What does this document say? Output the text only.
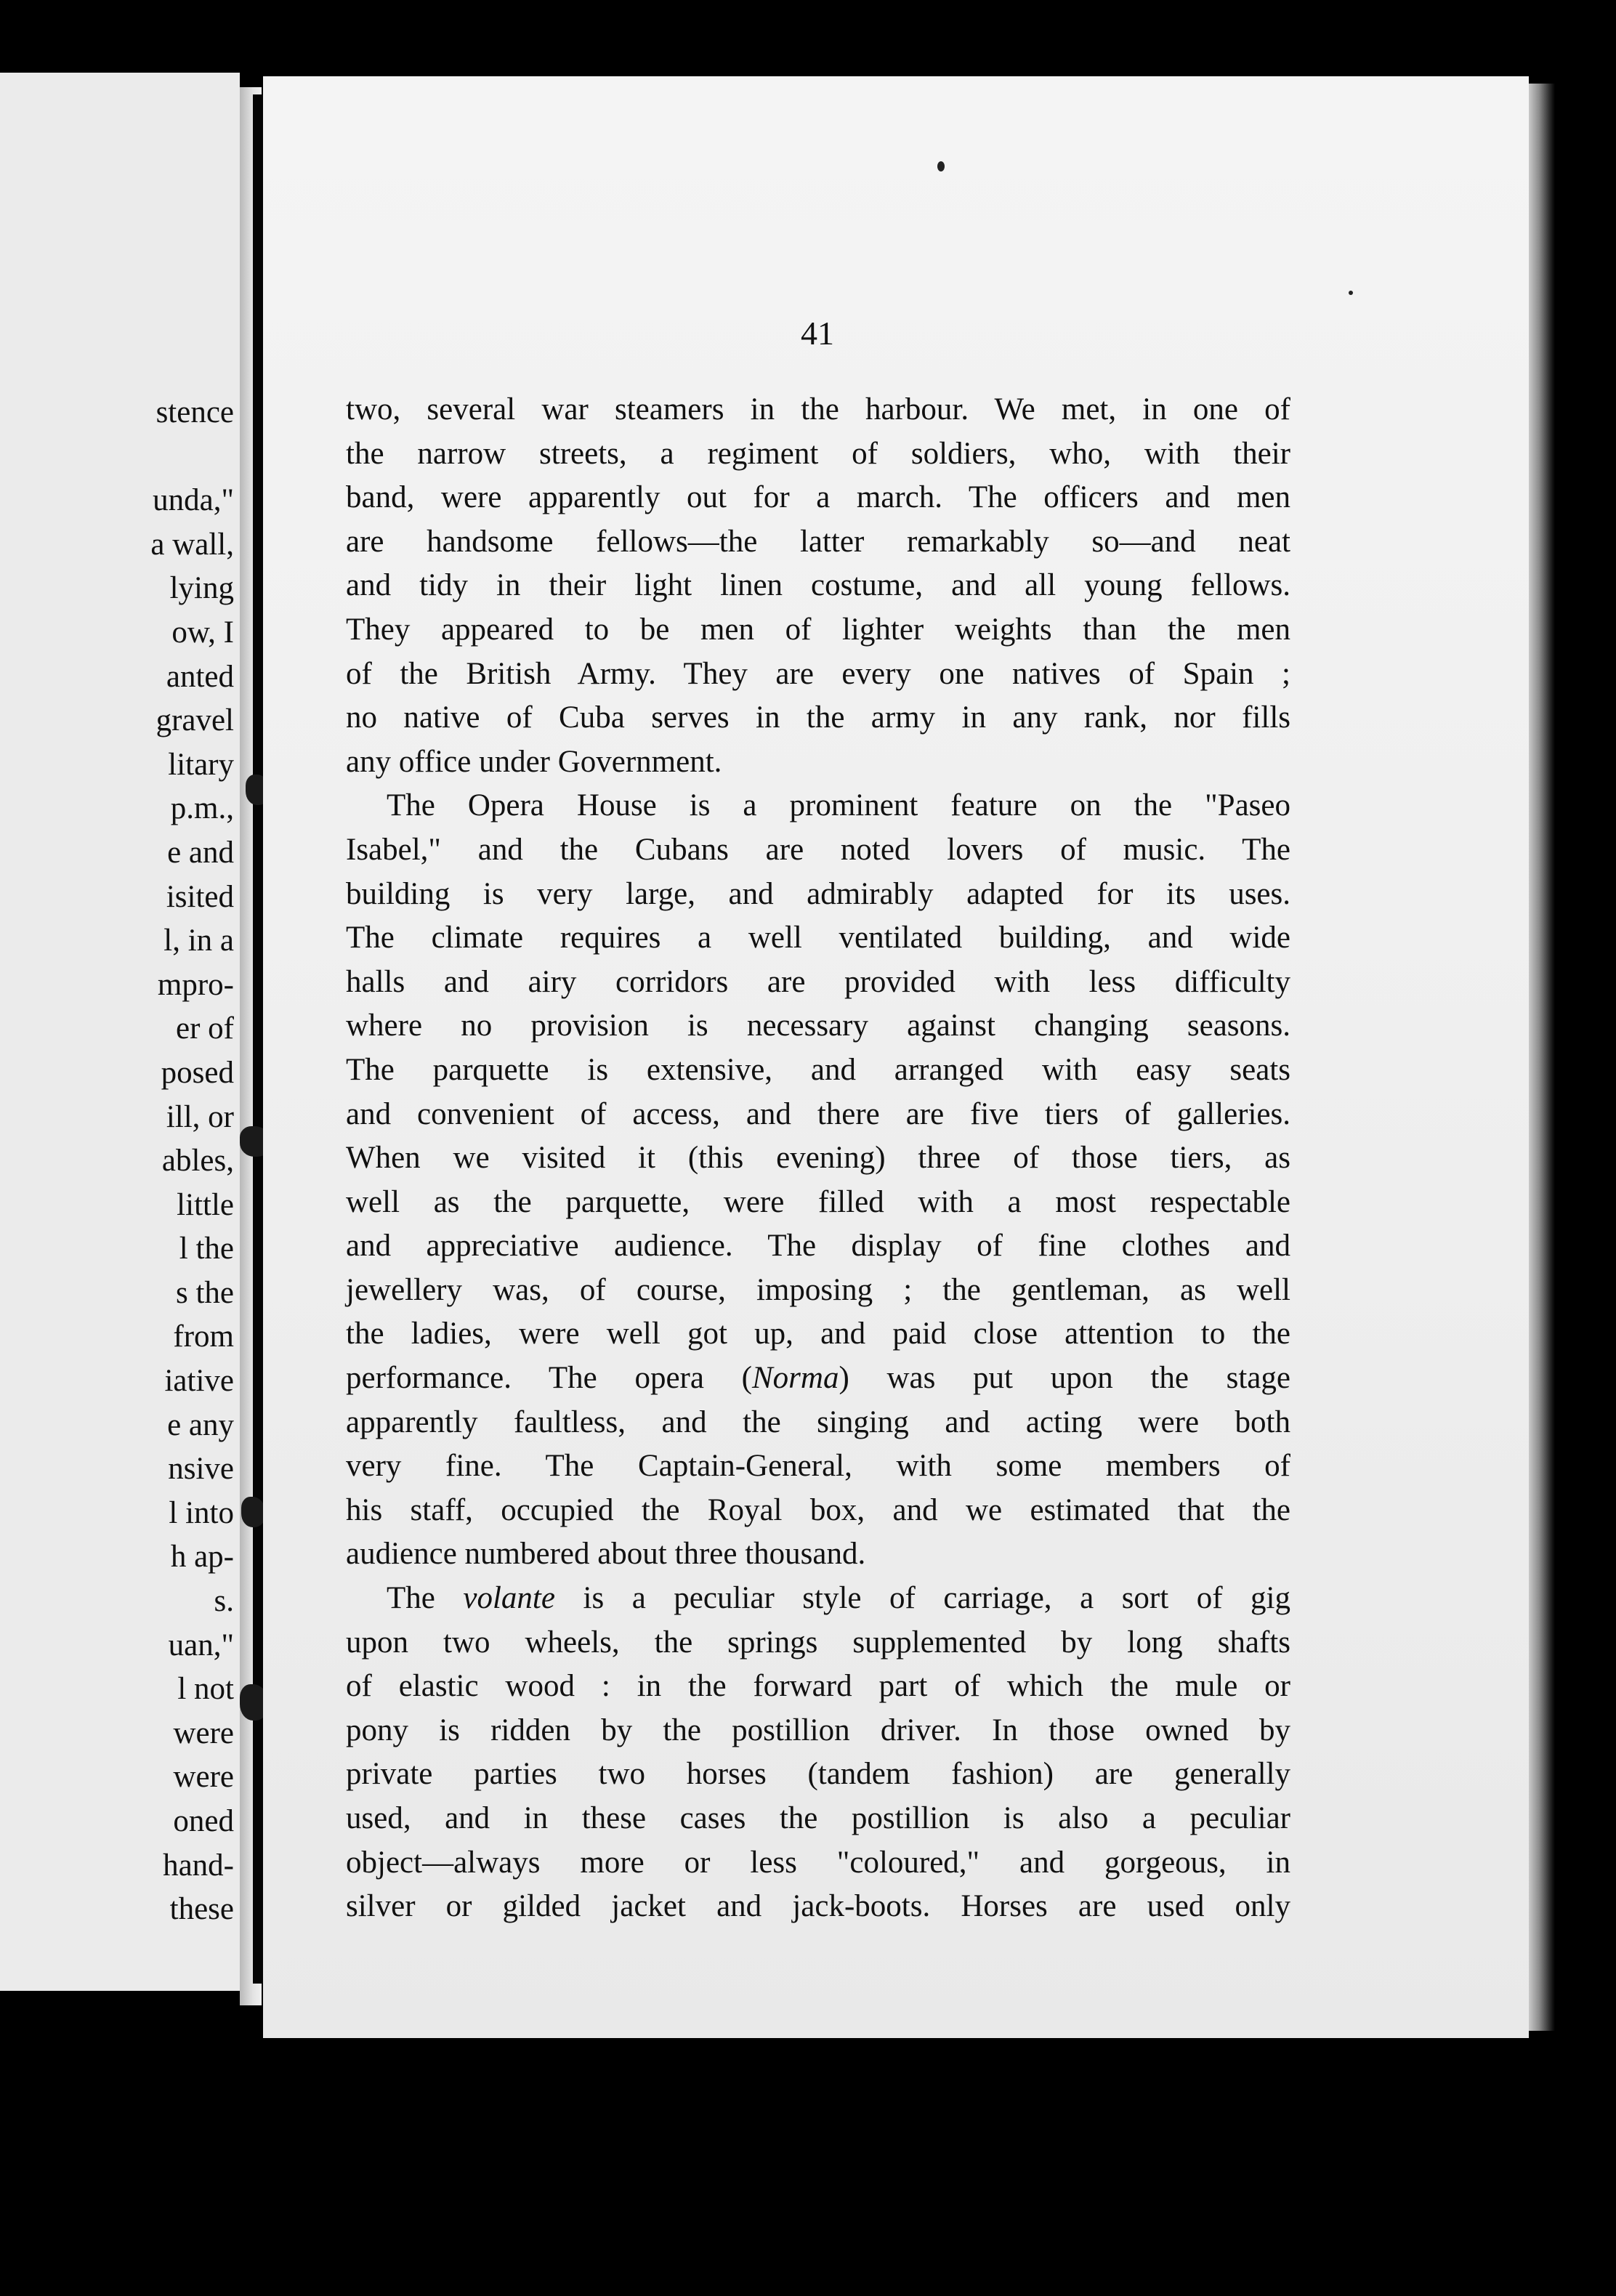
stence

unda,"
a wall,
lying
ow, I
anted
gravel
litary
p.m.,
e and
isited
l, in a
mpro-
er of
posed
ill, or
ables,
little
l the
s the
from
iative
e any
nsive
l into
h ap-
s.
uan,"
l not
were
were
oned
hand-
these
41
two, several war steamers in the harbour. We met, in one of
the narrow streets, a regiment of soldiers, who, with their
band, were apparently out for a march. The officers and men
are handsome fellows—the latter remarkably so—and neat
and tidy in their light linen costume, and all young fellows.
They appeared to be men of lighter weights than the men
of the British Army. They are every one natives of Spain ;
no native of Cuba serves in the army in any rank, nor fills
any office under Government.
The Opera House is a prominent feature on the "Paseo
Isabel," and the Cubans are noted lovers of music. The
building is very large, and admirably adapted for its uses.
The climate requires a well ventilated building, and wide
halls and airy corridors are provided with less difficulty
where no provision is necessary against changing seasons.
The parquette is extensive, and arranged with easy seats
and convenient of access, and there are five tiers of galleries.
When we visited it (this evening) three of those tiers, as
well as the parquette, were filled with a most respectable
and appreciative audience. The display of fine clothes and
jewellery was, of course, imposing ; the gentleman, as well
the ladies, were well got up, and paid close attention to the
performance. The opera (Norma) was put upon the stage
apparently faultless, and the singing and acting were both
very fine. The Captain-General, with some members of
his staff, occupied the Royal box, and we estimated that the
audience numbered about three thousand.
The volante is a peculiar style of carriage, a sort of gig
upon two wheels, the springs supplemented by long shafts
of elastic wood : in the forward part of which the mule or
pony is ridden by the postillion driver. In those owned by
private parties two horses (tandem fashion) are generally
used, and in these cases the postillion is also a peculiar
object—always more or less "coloured," and gorgeous, in
silver or gilded jacket and jack-boots. Horses are used only
